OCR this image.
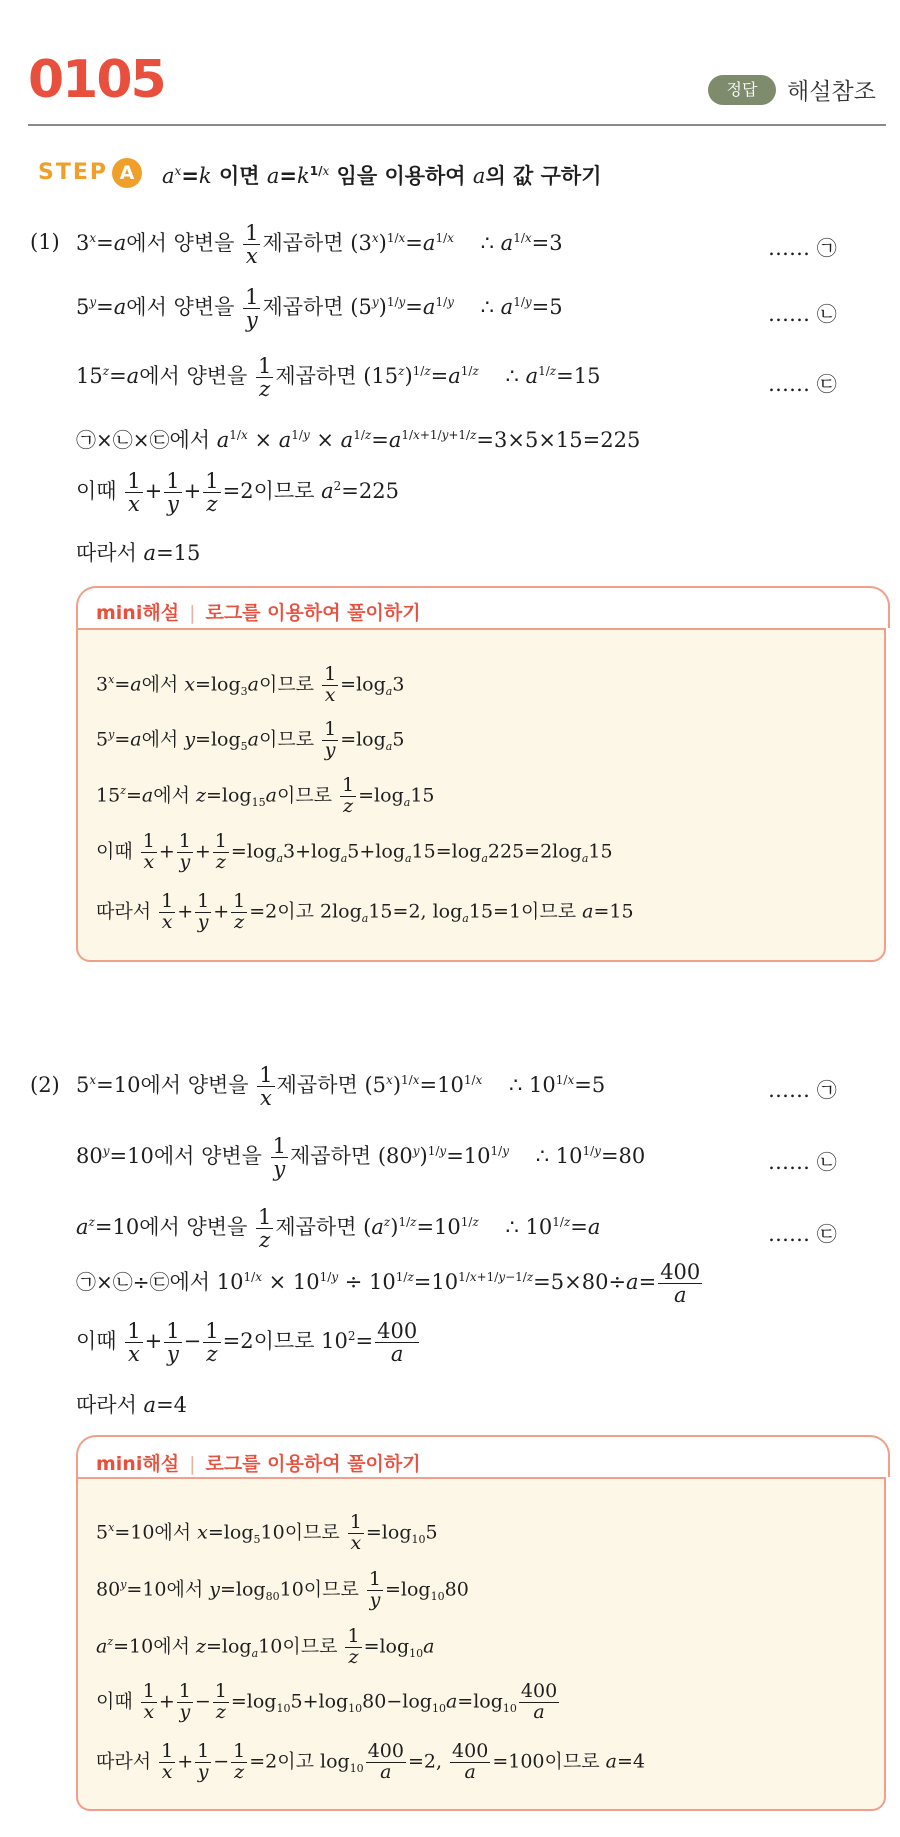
0105	정답	해설참조
STEP A	$a^x=k$ 이면 $a=k^{1/x}$ 임을 이용하여 a의 값 구하기
(1) $3^x=a$에서 양변을 $\frac{1}{x}$ 제곱하면 $(3^x)^{1/x}=a^{1/x}$    ∴ $a^{1/x}=3$	…… ㉠
$5^y=a$에서 양변을 $\frac{1}{y}$ 제곱하면 $(5^y)^{1/y}=a^{1/y}$    ∴ $a^{1/y}=5$	…… ㉡
$15^z=a$에서 양변을 $\frac{1}{z}$ 제곱하면 $(15^z)^{1/z}=a^{1/z}$    ∴ $a^{1/z}=15$	…… ㉢
㉠×㉡×㉢에서 $a^{1/x} \times a^{1/y} \times a^{1/z}=a^{1/x+1/y+1/z}=3\times 5\times 15=225$
이때 $\frac{1}{x} + \frac{1}{y} + \frac{1}{z} =2$이므로 $a^2=225$
따라서 a=15
mini해설 | 로그를 이용하여 풀이하기
$3^x=a$에서 $x=\log_3a$이므로 $\frac{1}{x} =\log_a3$
$5^y=a$에서 $y=\log_5a$이므로 $\frac{1}{y} =\log_a5$
$15^z=a$에서 $z=\log_{15}a$이므로 $\frac{1}{z} =\log_a15$
이때 $\frac{1}{x} + \frac{1}{y} + \frac{1}{z} =\log_a3+\log_a5+\log_a15=\log_a225=2\log_a15$
따라서 $\frac{1}{x} + \frac{1}{y} + \frac{1}{z} =2$이고 $2\log_a15=2$, $\log_a15=1$이므로 a=15
(2) $5^x=10$에서 양변을 $\frac{1}{x}$ 제곱하면 $(5^x)^{1/x}=10^{1/x}$    ∴ $10^{1/x}=5$	…… ㉠
$80^y=10$에서 양변을 $\frac{1}{y}$ 제곱하면 $(80^y)^{1/y}=10^{1/y}$    ∴ $10^{1/y}=80$	…… ㉡
$a^z=10$에서 양변을 $\frac{1}{z}$ 제곱하면 $(a^z)^{1/z}=10^{1/z}$    ∴ $10^{1/z}=a$	…… ㉢
㉠×㉡÷㉢에서 $10^{1/x} \times 10^{1/y} \div 10^{1/z}=10^{1/x+1/y-1/z}=5\times 80\div a= \frac{400}{a}$
이때 $\frac{1}{x} + \frac{1}{y} - \frac{1}{z} =2$이므로 $10^2= \frac{400}{a}$
따라서 a=4
mini해설 | 로그를 이용하여 풀이하기
$5^x=10$에서 $x=\log_510$이므로 $\frac{1}{x} =\log_{10}5$
$80^y=10$에서 $y=\log_{80}10$이므로 $\frac{1}{y} =\log_{10}80$
$a^z=10$에서 $z=\log_a10$이므로 $\frac{1}{z} =\log_{10}a$
이때 $\frac{1}{x} + \frac{1}{y} - \frac{1}{z} =\log_{10}5+\log_{10}80-\log_{10}a=\log_{10} \frac{400}{a}$
따라서 $\frac{1}{x} + \frac{1}{y} - \frac{1}{z} =2$이고 $\log_{10} \frac{400}{a} =2$, $\frac{400}{a} =100$이므로 a=4
